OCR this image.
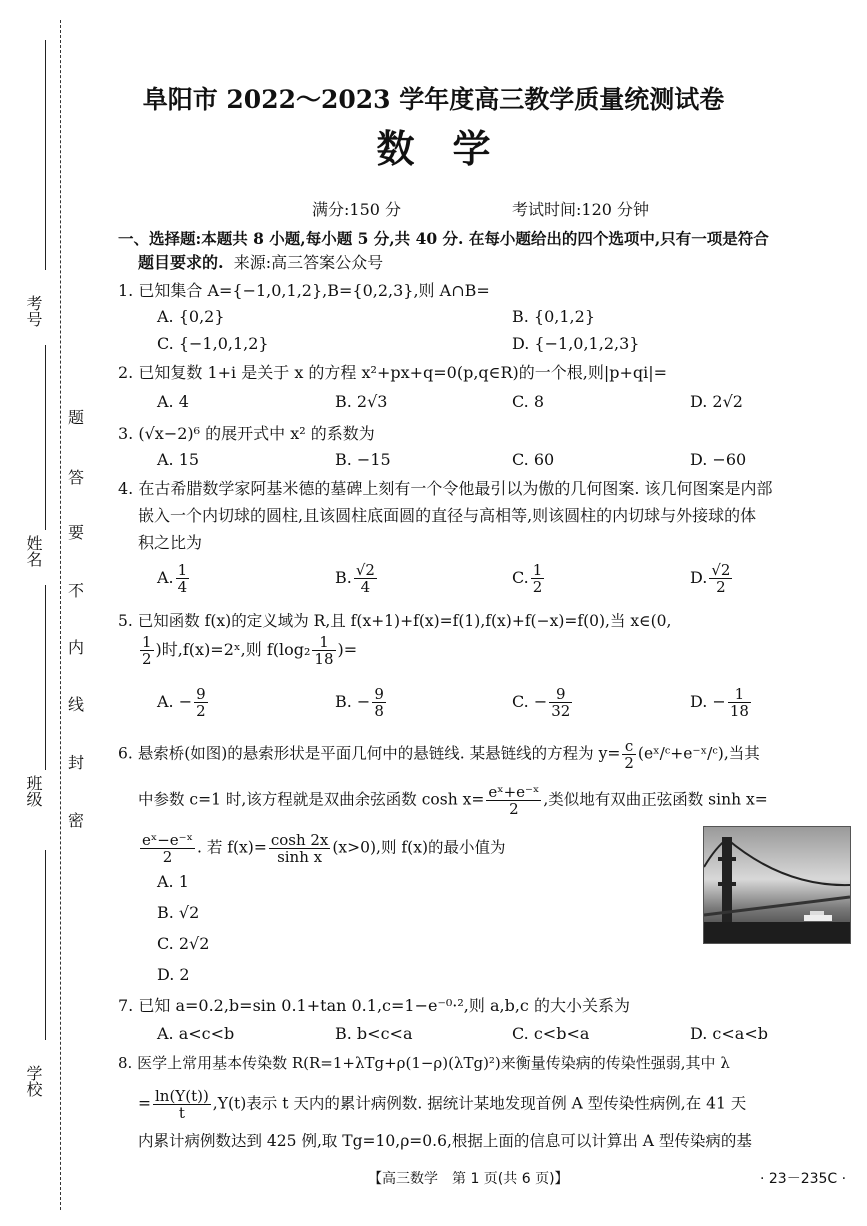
考号
姓名
班级
学校
题
答
要
不
内
线
封
密
阜阳市 2022～2023 学年度高三教学质量统测试卷
数　学
满分:150 分	考试时间:120 分钟
一、选择题:本题共 8 小题,每小题 5 分,共 40 分. 在每小题给出的四个选项中,只有一项是符合
题目要求的. 来源:高三答案公众号
1. 已知集合 A={−1,0,1,2},B={0,2,3},则 A∩B=
A. {0,2}	B. {0,1,2}
C. {−1,0,1,2}	D. {−1,0,1,2,3}
2. 已知复数 1+i 是关于 x 的方程 x²+px+q=0(p,q∈R)的一个根,则|p+qi|=
A. 4	B. 2√3	C. 8	D. 2√2
3. (√x−2)⁶ 的展开式中 x² 的系数为
A. 15	B. −15	C. 60	D. −60
4. 在古希腊数学家阿基米德的墓碑上刻有一个令他最引以为傲的几何图案. 该几何图案是内部
嵌入一个内切球的圆柱,且该圆柱底面圆的直径与高相等,则该圆柱的内切球与外接球的体
积之比为
A. $\frac{1}{4}$	B. $\frac{√2}{4}$	C. $\frac{1}{2}$	D. $\frac{√2}{2}$
5. 已知函数 f(x)的定义域为 R,且 f(x+1)+f(x)=f(1),f(x)+f(−x)=f(0),当 x∈(0,
$\frac{1}{2}$ )时,f(x)=2ˣ,则 $f(\log_2 \frac{1}{18}$ )=
A. − $\frac{9}{2}$	B. − $\frac{9}{8}$	C. − $\frac{9}{32}$	D. − $\frac{1}{18}$
6. 悬索桥(如图)的悬索形状是平面几何中的悬链线. 某悬链线的方程为 $y= \frac{c}{2}$ (eˣ/ᶜ+e⁻ˣ/ᶜ),当其
中参数 c=1 时,该方程就是双曲余弦函数 $\cosh x= \frac{\text{eˣ+e⁻ˣ}}{2}$ ,类似地有双曲正弦函数 sinh x=
$\frac{\text{eˣ−e⁻ˣ}}{2}$ . 若 $f(x)= \frac{\cosh 2x}{\text{sinh x}} (x>0)$,则 f(x)的最小值为
A. 1
B. √2
C. 2√2
D. 2
7. 已知 a=0.2,b=sin 0.1+tan 0.1,c=1−e⁻⁰·²,则 a,b,c 的大小关系为
A. a<c<b	B. b<c<a	C. c<b<a	D. c<a<b
8. 医学上常用基本传染数 R(R=1+λTg+ρ(1−ρ)(λTg)²)来衡量传染病的传染性强弱,其中 λ
= $\frac{\ln(Y(t))}{t} ,Y(t)$表示 t 天内的累计病例数. 据统计某地发现首例 A 型传染性病例,在 41 天
内累计病例数达到 425 例,取 Tg=10,ρ=0.6,根据上面的信息可以计算出 A 型传染病的基
【高三数学　第 1 页(共 6 页)】	· 23－235C ·
